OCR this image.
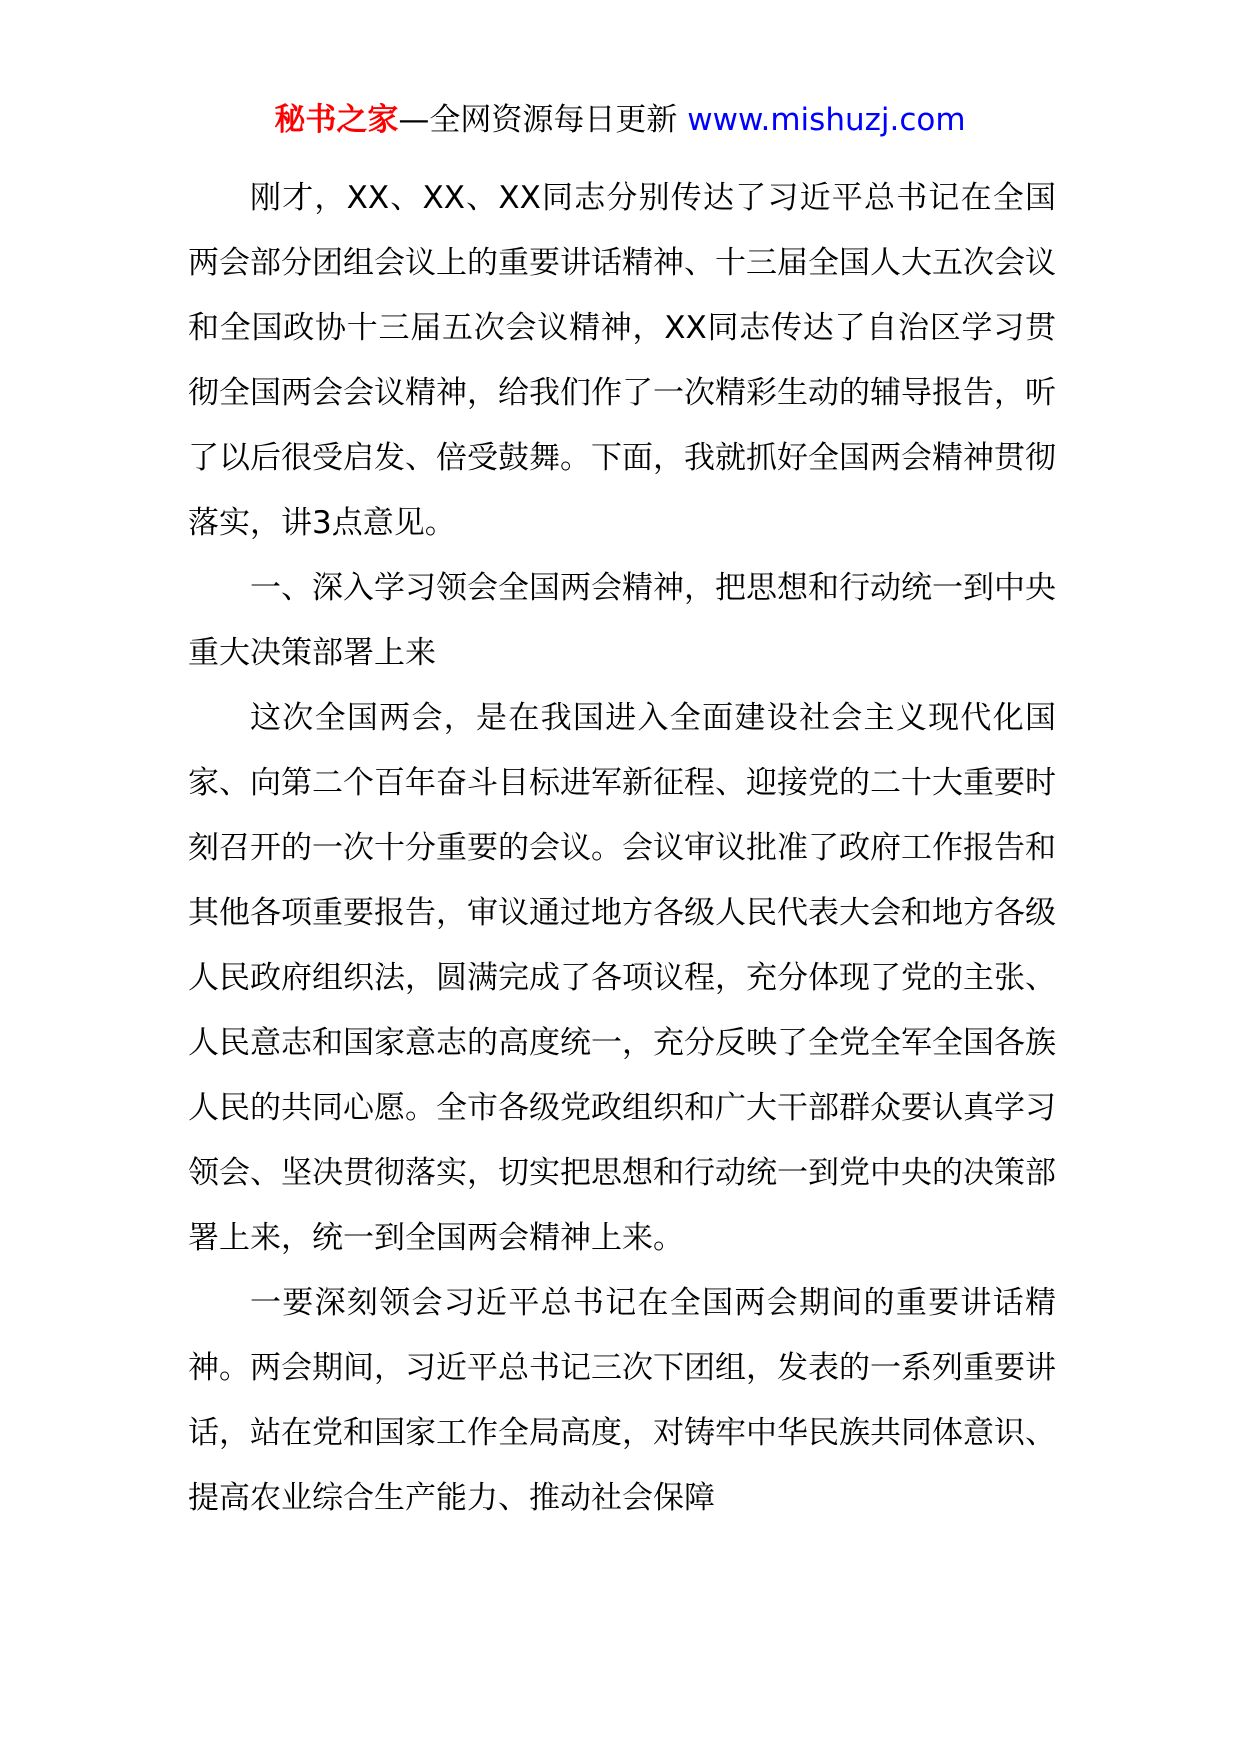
秘书之家—全网资源每日更新 www.mishuzj.com

刚才，XX、XX、XX同志分别传达了习近平总书记在全国两会部分团组会议上的重要讲话精神、十三届全国人大五次会议和全国政协十三届五次会议精神，XX同志传达了自治区学习贯彻全国两会会议精神，给我们作了一次精彩生动的辅导报告，听了以后很受启发、倍受鼓舞。下面，我就抓好全国两会精神贯彻落实，讲3点意见。

一、深入学习领会全国两会精神，把思想和行动统一到中央重大决策部署上来

这次全国两会，是在我国进入全面建设社会主义现代化国家、向第二个百年奋斗目标进军新征程、迎接党的二十大重要时刻召开的一次十分重要的会议。会议审议批准了政府工作报告和其他各项重要报告，审议通过地方各级人民代表大会和地方各级人民政府组织法，圆满完成了各项议程，充分体现了党的主张、人民意志和国家意志的高度统一，充分反映了全党全军全国各族人民的共同心愿。全市各级党政组织和广大干部群众要认真学习领会、坚决贯彻落实，切实把思想和行动统一到党中央的决策部署上来，统一到全国两会精神上来。

一要深刻领会习近平总书记在全国两会期间的重要讲话精神。两会期间，习近平总书记三次下团组，发表的一系列重要讲话，站在党和国家工作全局高度，对铸牢中华民族共同体意识、提高农业综合生产能力、推动社会保障
